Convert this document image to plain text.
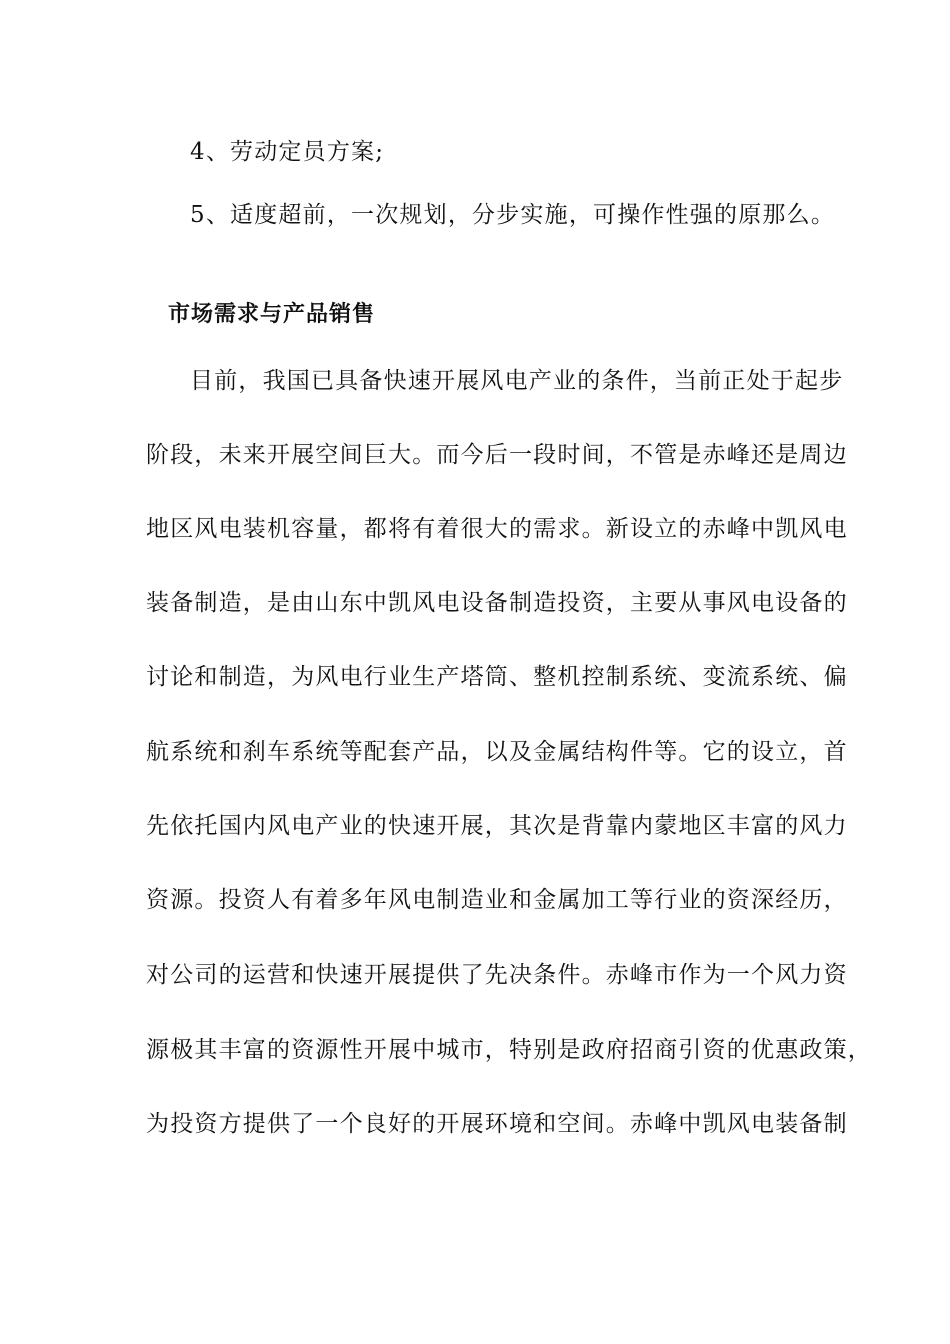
4、劳动定员方案;
5、适度超前，一次规划，分步实施，可操作性强的原那么。
市场需求与产品销售
目前，我国已具备快速开展风电产业的条件，当前正处于起步
阶段，未来开展空间巨大。而今后一段时间，不管是赤峰还是周边
地区风电装机容量，都将有着很大的需求。新设立的赤峰中凯风电
装备制造，是由山东中凯风电设备制造投资，主要从事风电设备的
讨论和制造，为风电行业生产塔筒、整机控制系统、变流系统、偏
航系统和刹车系统等配套产品，以及金属结构件等。它的设立，首
先依托国内风电产业的快速开展，其次是背靠内蒙地区丰富的风力
资源。投资人有着多年风电制造业和金属加工等行业的资深经历，
对公司的运营和快速开展提供了先决条件。赤峰市作为一个风力资
源极其丰富的资源性开展中城市，特别是政府招商引资的优惠政策，
为投资方提供了一个良好的开展环境和空间。赤峰中凯风电装备制
